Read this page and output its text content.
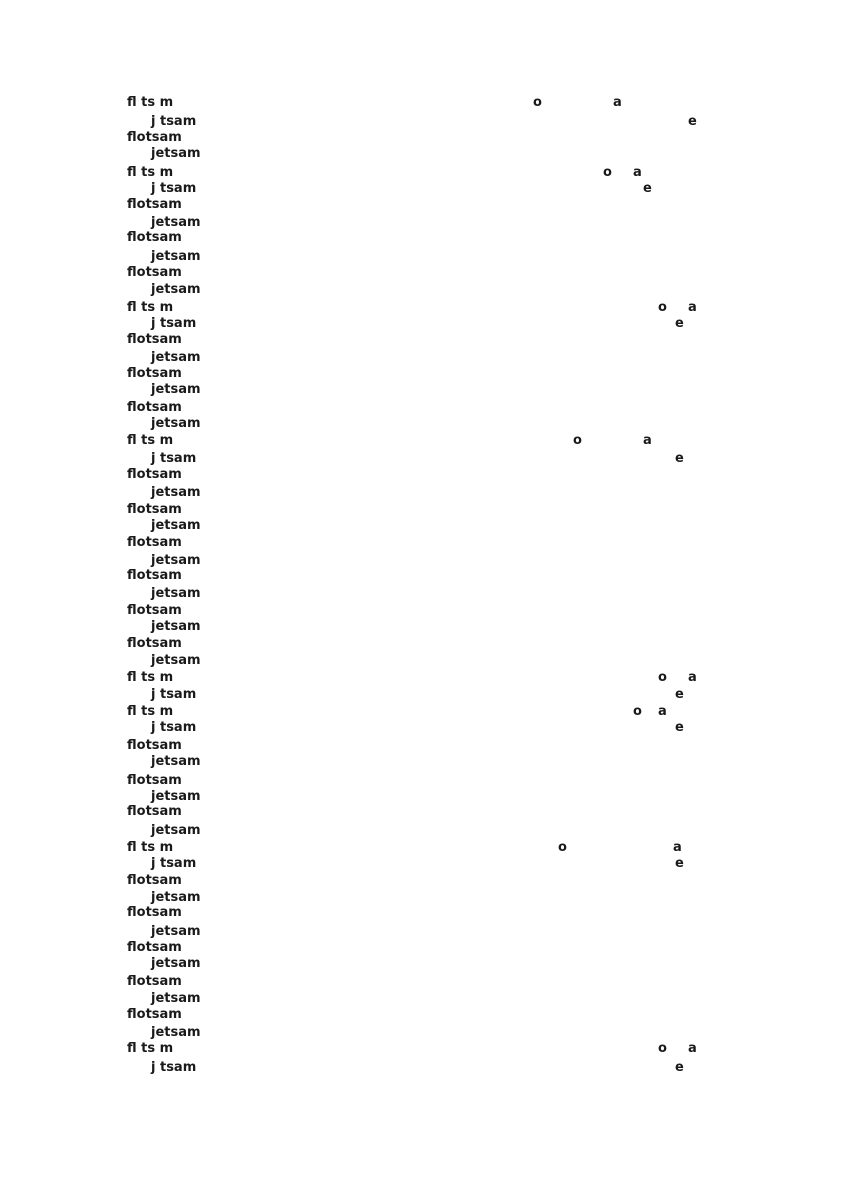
fl ts m	o	a
j tsam	e
flotsam
jetsam
fl ts m	o a
j tsam	e
flotsam
jetsam
flotsam
jetsam
flotsam
jetsam
fl ts m	o a
j tsam	e
flotsam
jetsam
flotsam
jetsam
flotsam
jetsam
fl ts m	o	a
j tsam	e
flotsam
jetsam
flotsam
jetsam
flotsam
jetsam
flotsam
jetsam
flotsam
jetsam
flotsam
jetsam
fl ts m	o a
j tsam	e
fl ts m	o a
j tsam	e
flotsam
jetsam
flotsam
jetsam
flotsam
jetsam
fl ts m	o	a
j tsam	e
flotsam
jetsam
flotsam
jetsam
flotsam
jetsam
flotsam
jetsam
flotsam
jetsam
fl ts m	o a
j tsam	e
